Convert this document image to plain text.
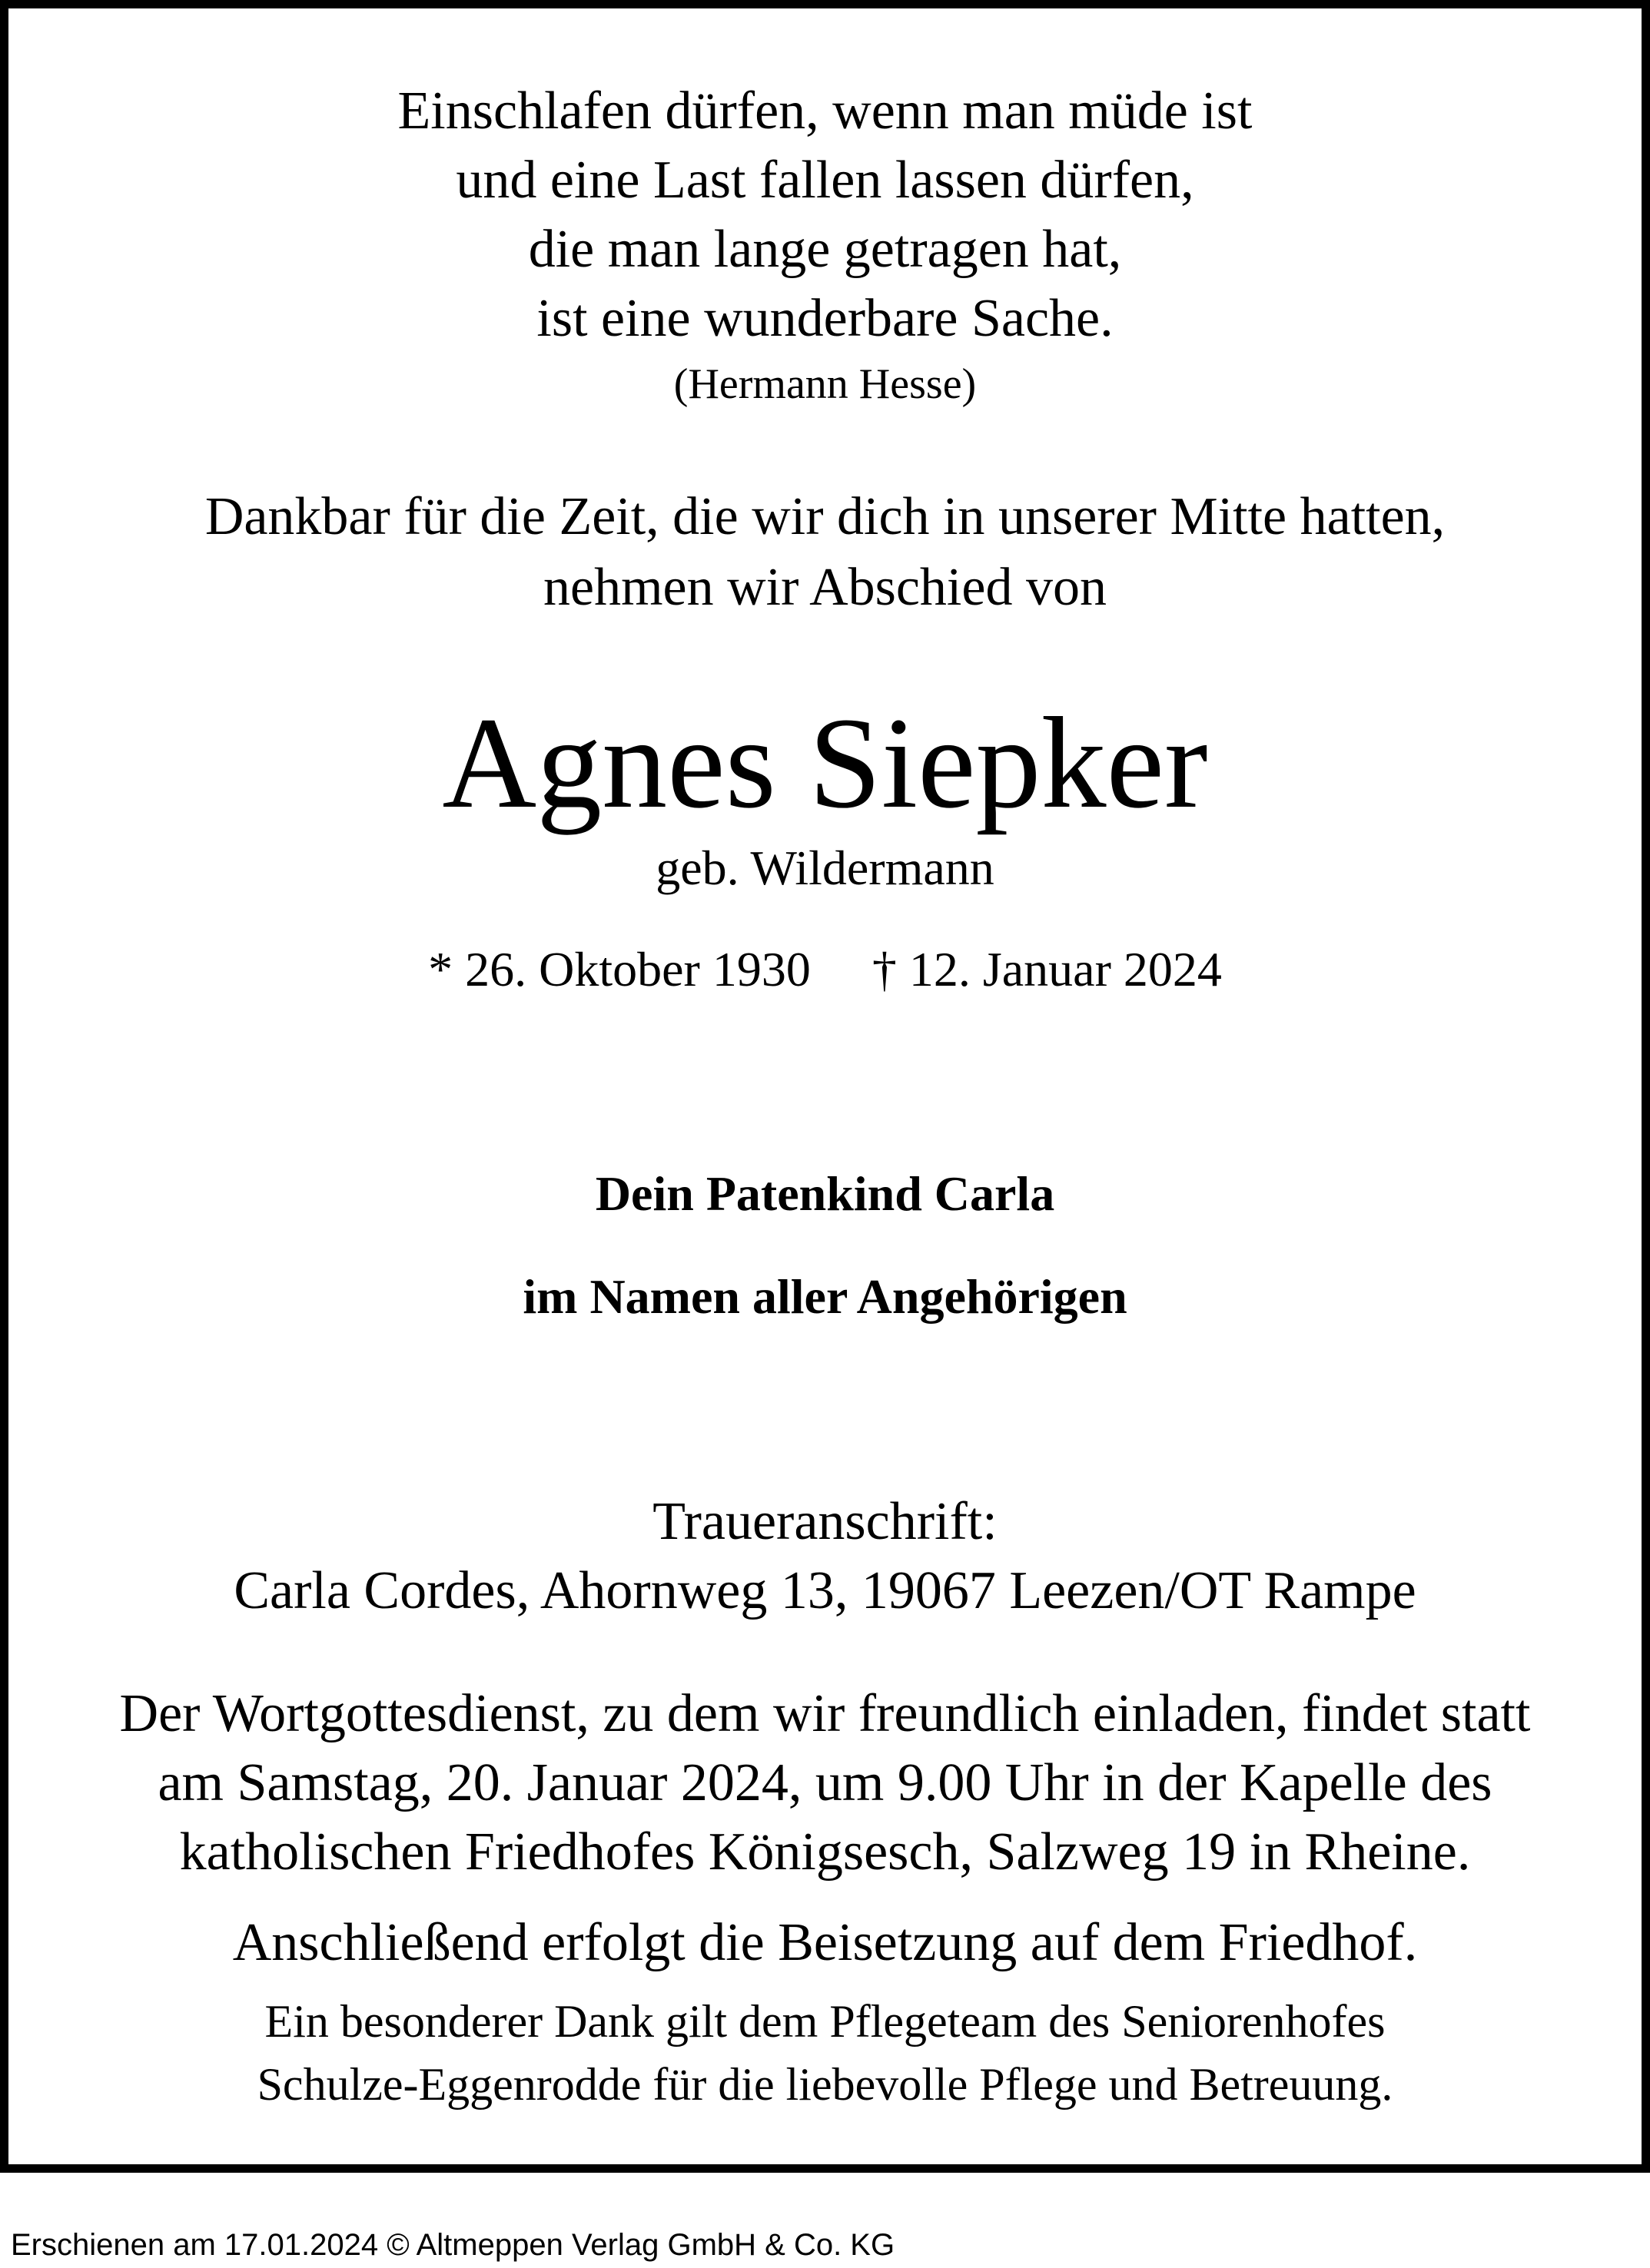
Einschlafen dürfen, wenn man müde ist
und eine Last fallen lassen dürfen,
die man lange getragen hat,
ist eine wunderbare Sache.
(Hermann Hesse)
Dankbar für die Zeit, die wir dich in unserer Mitte hatten,
nehmen wir Abschied von
Agnes Siepker
geb. Wildermann
* 26. Oktober 1930 † 12. Januar 2024
Dein Patenkind Carla
im Namen aller Angehörigen
Traueranschrift:
Carla Cordes, Ahornweg 13, 19067 Leezen/OT Rampe
Der Wortgottesdienst, zu dem wir freundlich einladen, findet statt
am Samstag, 20. Januar 2024, um 9.00 Uhr in der Kapelle des
katholischen Friedhofes Königsesch, Salzweg 19 in Rheine.
Anschließend erfolgt die Beisetzung auf dem Friedhof.
Ein besonderer Dank gilt dem Pflegeteam des Seniorenhofes
Schulze-Eggenrodde für die liebevolle Pflege und Betreuung.
Erschienen am 17.01.2024 © Altmeppen Verlag GmbH & Co. KG
